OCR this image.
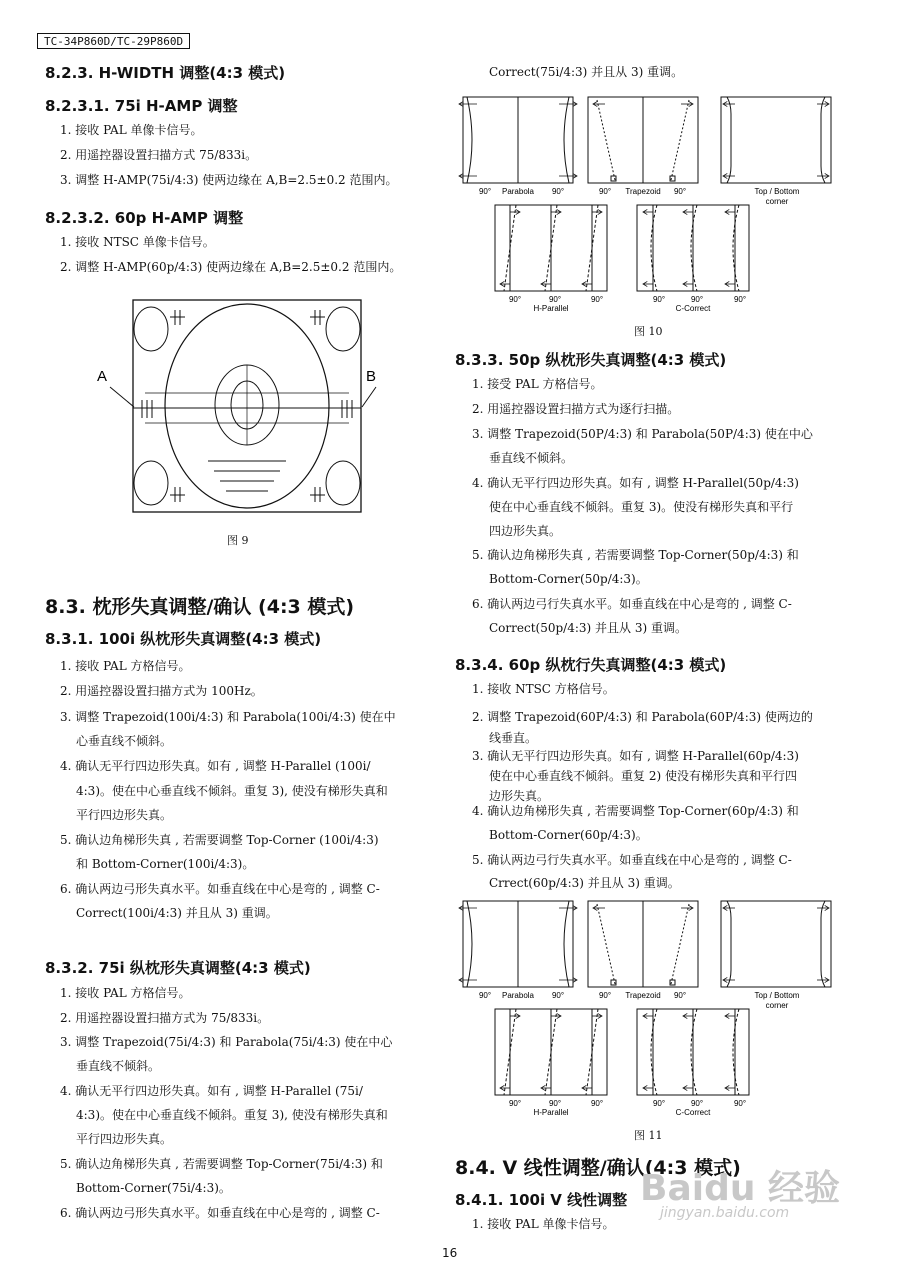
TC-34P860D/TC-29P860D
8.2.3. H-WIDTH 调整(4:3 模式)
8.2.3.1. 75i H-AMP 调整
1. 接收 PAL 单像卡信号。
2. 用遥控器设置扫描方式 75/833i。
3. 调整 H-AMP(75i/4:3) 使两边缘在 A,B=2.5±0.2 范围内。
8.2.3.2. 60p H-AMP 调整
1. 接收 NTSC 单像卡信号。
2. 调整 H-AMP(60p/4:3) 使两边缘在 A,B=2.5±0.2 范围内。
A	B
图 9
8.3. 枕形失真调整/确认 (4:3 模式)
8.3.1. 100i 纵枕形失真调整(4:3 模式)
1. 接收 PAL 方格信号。
2. 用遥控器设置扫描方式为 100Hz。
3. 调整 Trapezoid(100i/4:3) 和 Parabola(100i/4:3) 使在中
心垂直线不倾斜。
4. 确认无平行四边形失真。如有 , 调整 H-Parallel (100i/
4:3)。使在中心垂直线不倾斜。重复 3), 使没有梯形失真和
平行四边形失真。
5. 确认边角梯形失真 , 若需要调整 Top-Corner (100i/4:3)
和 Bottom-Corner(100i/4:3)。
6. 确认两边弓形失真水平。如垂直线在中心是弯的 , 调整 C-
Correct(100i/4:3) 并且从 3) 重调。
8.3.2. 75i 纵枕形失真调整(4:3 模式)
1. 接收 PAL 方格信号。
2. 用遥控器设置扫描方式为 75/833i。
3. 调整 Trapezoid(75i/4:3) 和 Parabola(75i/4:3) 使在中心
垂直线不倾斜。
4. 确认无平行四边形失真。如有 , 调整 H-Parallel (75i/
4:3)。使在中心垂直线不倾斜。重复 3), 使没有梯形失真和
平行四边形失真。
5. 确认边角梯形失真 , 若需要调整 Top-Corner(75i/4:3) 和
Bottom-Corner(75i/4:3)。
6. 确认两边弓形失真水平。如垂直线在中心是弯的 , 调整 C-
Correct(75i/4:3) 并且从 3) 重调。
90° Parabola 90°	90° Trapezoid 90°	Top / Bottom
corner
90°	90°	90°
H-Parallel
90°	90°	90°
C-Correct
图 10
8.3.3. 50p 纵枕形失真调整(4:3 模式)
1. 接受 PAL 方格信号。
2. 用遥控器设置扫描方式为逐行扫描。
3. 调整 Trapezoid(50P/4:3) 和 Parabola(50P/4:3) 使在中心
垂直线不倾斜。
4. 确认无平行四边形失真。如有 , 调整 H-Parallel(50p/4:3)
使在中心垂直线不倾斜。重复 3)。使没有梯形失真和平行
四边形失真。
5. 确认边角梯形失真 , 若需要调整 Top-Corner(50p/4:3) 和
Bottom-Corner(50p/4:3)。
6. 确认两边弓行失真水平。如垂直线在中心是弯的 , 调整 C-
Correct(50p/4:3) 并且从 3) 重调。
8.3.4. 60p 纵枕行失真调整(4:3 模式)
1. 接收 NTSC 方格信号。
2. 调整 Trapezoid(60P/4:3) 和 Parabola(60P/4:3) 使两边的
线垂直。
3. 确认无平行四边形失真。如有 , 调整 H-Parallel(60p/4:3)
使在中心垂直线不倾斜。重复 2) 使没有梯形失真和平行四
边形失真。
4. 确认边角梯形失真 , 若需要调整 Top-Corner(60p/4:3) 和
Bottom-Corner(60p/4:3)。
5. 确认两边弓行失真水平。如垂直线在中心是弯的 , 调整 C-
Crrect(60p/4:3) 并且从 3) 重调。
90° Parabola 90°	90° Trapezoid 90°	Top / Bottom
corner
90°	90°	90°
H-Parallel
90°	90°	90°
C-Correct
图 11
8.4. V 线性调整/确认(4:3 模式)
8.4.1. 100i V 线性调整
1. 接收 PAL 单像卡信号。
16
Baidu 经验
jingyan.baidu.com
